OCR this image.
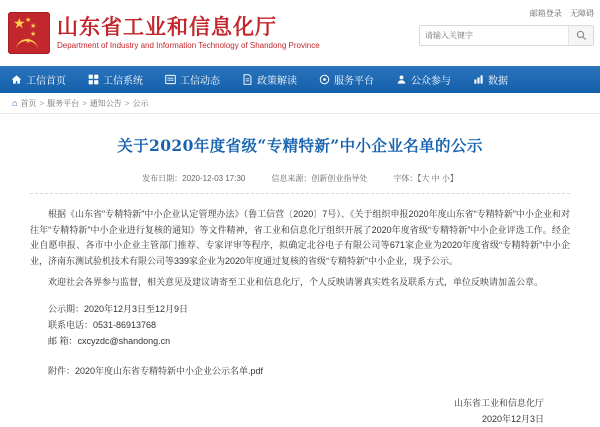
★ ★
★
★
★
山东省工业和信息化厅
Department of Industry and Information Technology of Shandong Province
邮箱登录 无障碍
请输入关键字
工信首页	工信系统	工信动态	政策解读	服务平台	公众参与	数据
⌂ 首页 > 服务平台 > 通知公告 > 公示
关于2020年度省级“专精特新”中小企业名单的公示
发布日期：2020-12-03 17:30	信息来源：创新创业指导处	字体：【大 中 小】

根据《山东省“专精特新”中小企业认定管理办法》（鲁工信营〔2020〕7号）、《关于组织申报2020年度山东省“专精特新”中小企业和对往年“专精特新”中小企业进行复核的通知》等文件精神，省工业和信息化厅组织开展了2020年度省级“专精特新”中小企业评选工作。经企业自愿申报、各市中小企业主管部门推荐、专家评审等程序，拟确定北谷电子有限公司等671家企业为2020年度省级“专精特新”中小企业，济南东测试验机技术有限公司等339家企业为2020年度通过复核的省级“专精特新”中小企业，现予公示。

欢迎社会各界参与监督，相关意见及建议请寄至工业和信息化厅，个人反映请署真实姓名及联系方式，单位反映请加盖公章。

公示期：2020年12月3日至12月9日
联系电话：0531-86913768
邮 箱：cxcyzdc@shandong.cn
附件：2020年度山东省专精特新中小企业公示名单.pdf
山东省工业和信息化厅
2020年12月3日
